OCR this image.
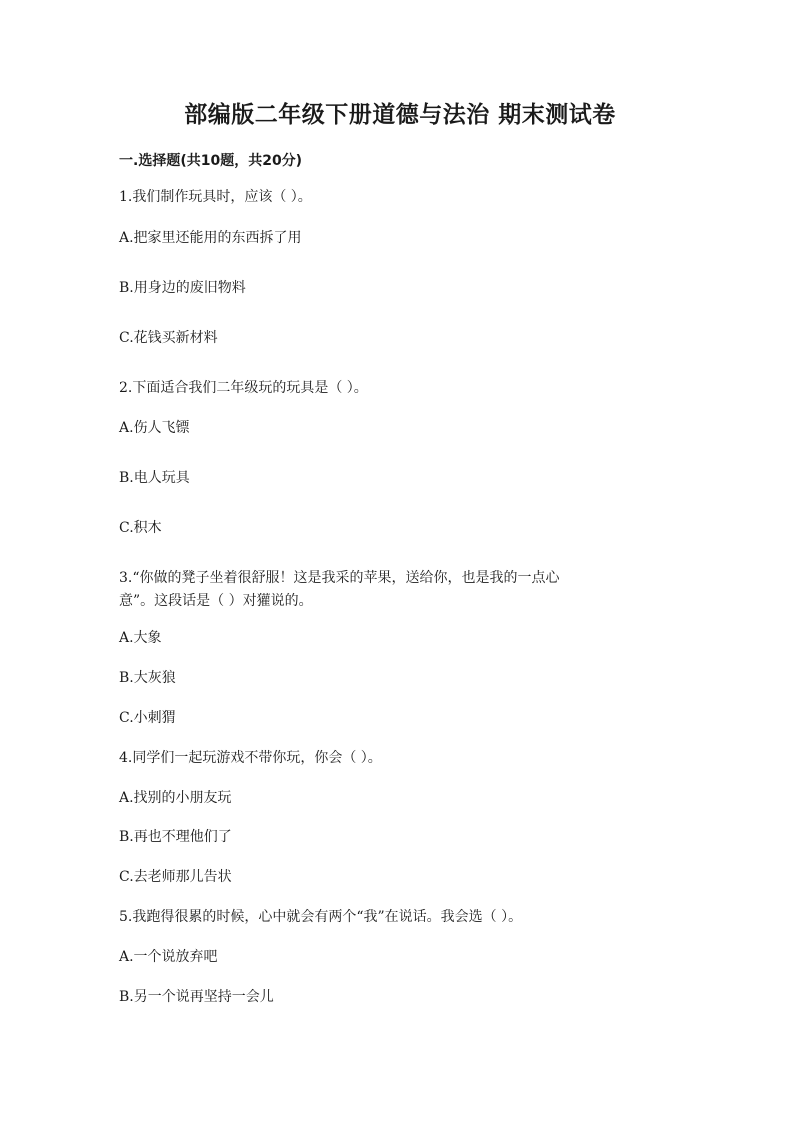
部编版二年级下册道德与法治 期末测试卷
一.选择题(共10题，共20分)
1.我们制作玩具时，应该（ ）。
A.把家里还能用的东西拆了用
B.用身边的废旧物料
C.花钱买新材料
2.下面适合我们二年级玩的玩具是（ ）。
A.伤人飞镖
B.电人玩具
C.积木
3.“你做的凳子坐着很舒服！这是我采的苹果，送给你，也是我的一点心
意”。这段话是（ ）对獾说的。
A.大象
B.大灰狼
C.小刺猬
4.同学们一起玩游戏不带你玩，你会（ ）。
A.找别的小朋友玩
B.再也不理他们了
C.去老师那儿告状
5.我跑得很累的时候，心中就会有两个“我”在说话。我会选（ ）。
A.一个说放弃吧
B.另一个说再坚持一会儿
